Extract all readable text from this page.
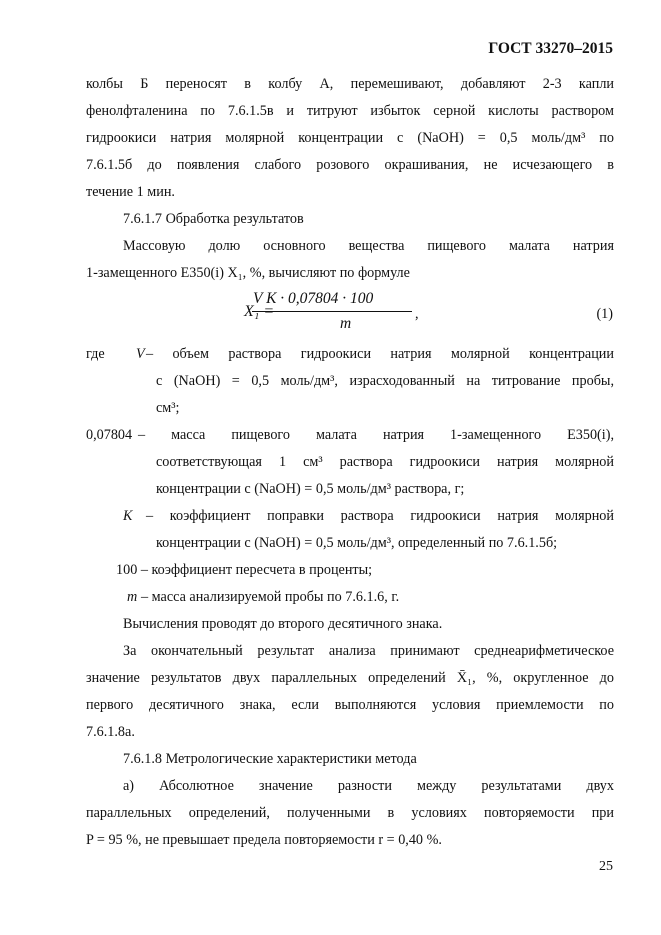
ГОСТ 33270–2015
колбы Б переносят в колбу А, перемешивают, добавляют 2-3 капли
фенолфталенина по 7.6.1.5в и титруют избыток серной кислоты раствором
гидроокиси натрия молярной концентрации c (NaOH) = 0,5 моль/дм³ по
7.6.1.5б до появления слабого розового окрашивания, не исчезающего в
течение 1 мин.
7.6.1.7 Обработка результатов
Массовую долю основного вещества пищевого малата натрия
1-замещенного Е350(i) X₁, %, вычисляют по формуле
X₁ =
V K · 0,07804 · 100
m
,	(1)
где V – объем раствора гидроокиси натрия молярной концентрации
c (NaOH) = 0,5 моль/дм³, израсходованный на титрование пробы,
см³;
0,07804 – масса пищевого малата натрия 1-замещенного Е350(i),
соответствующая 1 см³ раствора гидроокиси натрия молярной
концентрации c (NaOH) = 0,5 моль/дм³ раствора, г;
K – коэффициент поправки раствора гидроокиси натрия молярной
концентрации c (NaOH) = 0,5 моль/дм³, определенный по 7.6.1.5б;
100 – коэффициент пересчета в проценты;
m – масса анализируемой пробы по 7.6.1.6, г.
Вычисления проводят до второго десятичного знака.
За окончательный результат анализа принимают среднеарифметическое
значение результатов двух параллельных определений X̄₁, %, округленное до
первого десятичного знака, если выполняются условия приемлемости по
7.6.1.8а.
7.6.1.8 Метрологические характеристики метода
а) Абсолютное значение разности между результатами двух
параллельных определений, полученными в условиях повторяемости при
P = 95 %, не превышает предела повторяемости r = 0,40 %.
25
